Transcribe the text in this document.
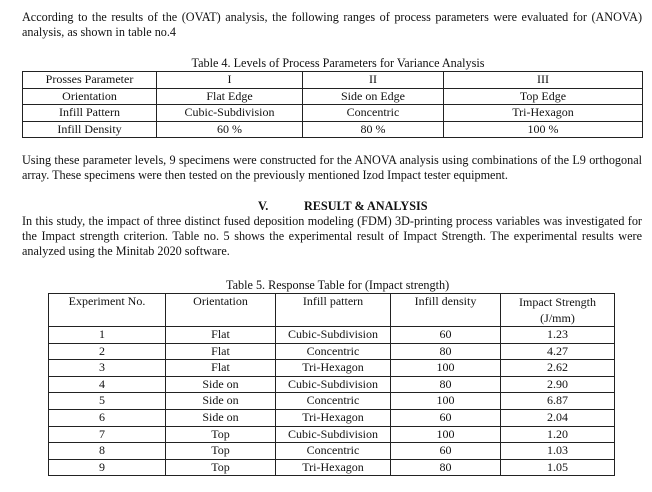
According to the results of the (OVAT) analysis, the following ranges of process parameters were evaluated for (ANOVA) analysis, as shown in table no.4
Table 4. Levels of Process Parameters for Variance Analysis
Prosses Parameter	I	II	III
Orientation	Flat Edge	Side on Edge	Top Edge
Infill Pattern	Cubic-Subdivision	Concentric	Tri-Hexagon
Infill Density	60 %	80 %	100 %
Using these parameter levels, 9 specimens were constructed for the ANOVA analysis using combinations of the L9 orthogonal array. These specimens were then tested on the previously mentioned Izod Impact tester equipment.
V.	RESULT & ANALYSIS
In this study, the impact of three distinct fused deposition modeling (FDM) 3D-printing process variables was investigated for the Impact strength criterion. Table no. 5 shows the experimental result of Impact Strength. The experimental results were analyzed using the Minitab 2020 software.
Table 5. Response Table for (Impact strength)
Experiment No.	Orientation	Infill pattern	Infill density	Impact Strength
(J/mm)
1	Flat	Cubic-Subdivision	60	1.23
2	Flat	Concentric	80	4.27
3	Flat	Tri-Hexagon	100	2.62
4	Side on	Cubic-Subdivision	80	2.90
5	Side on	Concentric	100	6.87
6	Side on	Tri-Hexagon	60	2.04
7	Top	Cubic-Subdivision	100	1.20
8	Top	Concentric	60	1.03
9	Top	Tri-Hexagon	80	1.05
